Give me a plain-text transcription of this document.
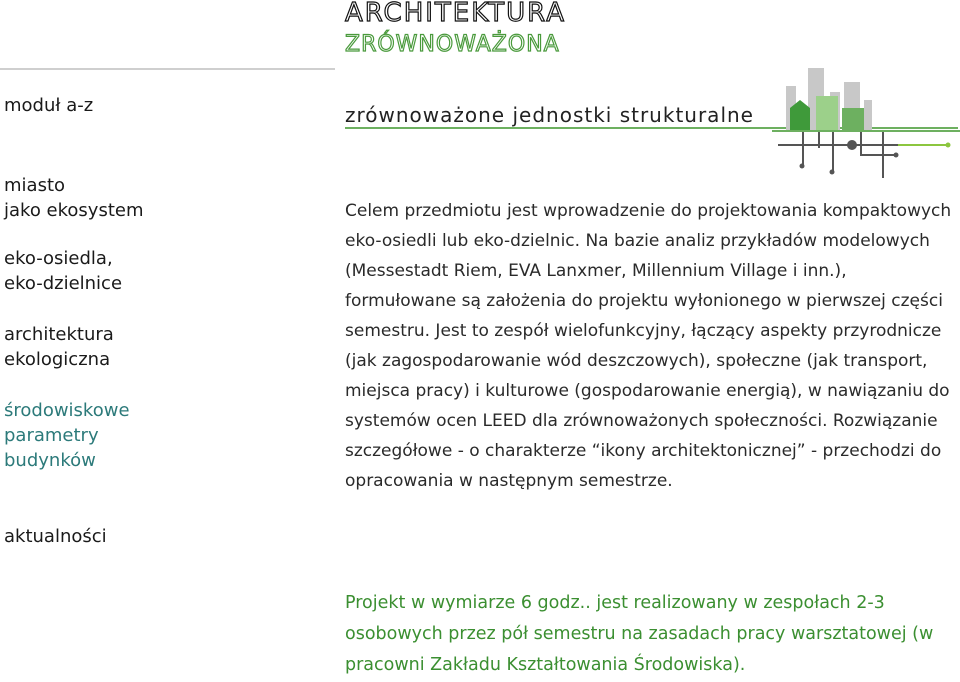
ARCHITEKTURA
ZRÓWNOWAŻONA
moduł a-z
miasto
jako ekosystem
eko-osiedla,
eko-dzielnice
architektura
ekologiczna
środowiskowe
parametry
budynków
aktualności
zrównoważone jednostki strukturalne

Celem przedmiotu jest wprowadzenie do projektowania kompaktowych eko-osiedli lub eko-dzielnic. Na bazie analiz przykładów modelowych (Messestadt Riem, EVA Lanxmer, Millennium Village i inn.), formułowane są założenia do projektu wyłonionego w pierwszej części semestru. Jest to zespół wielofunkcyjny, łączący aspekty przyrodnicze (jak zagospodarowanie wód deszczowych), społeczne (jak transport, miejsca pracy) i kulturowe (gospodarowanie energią), w nawiązaniu do systemów ocen LEED dla zrównoważonych społeczności. Rozwiązanie szczegółowe - o charakterze “ikony architektonicznej” - przechodzi do opracowania w następnym semestrze.

Projekt w wymiarze 6 godz.. jest realizowany w zespołach 2-3 osobowych przez pół semestru na zasadach pracy warsztatowej (w pracowni Zakładu Kształtowania Środowiska).
